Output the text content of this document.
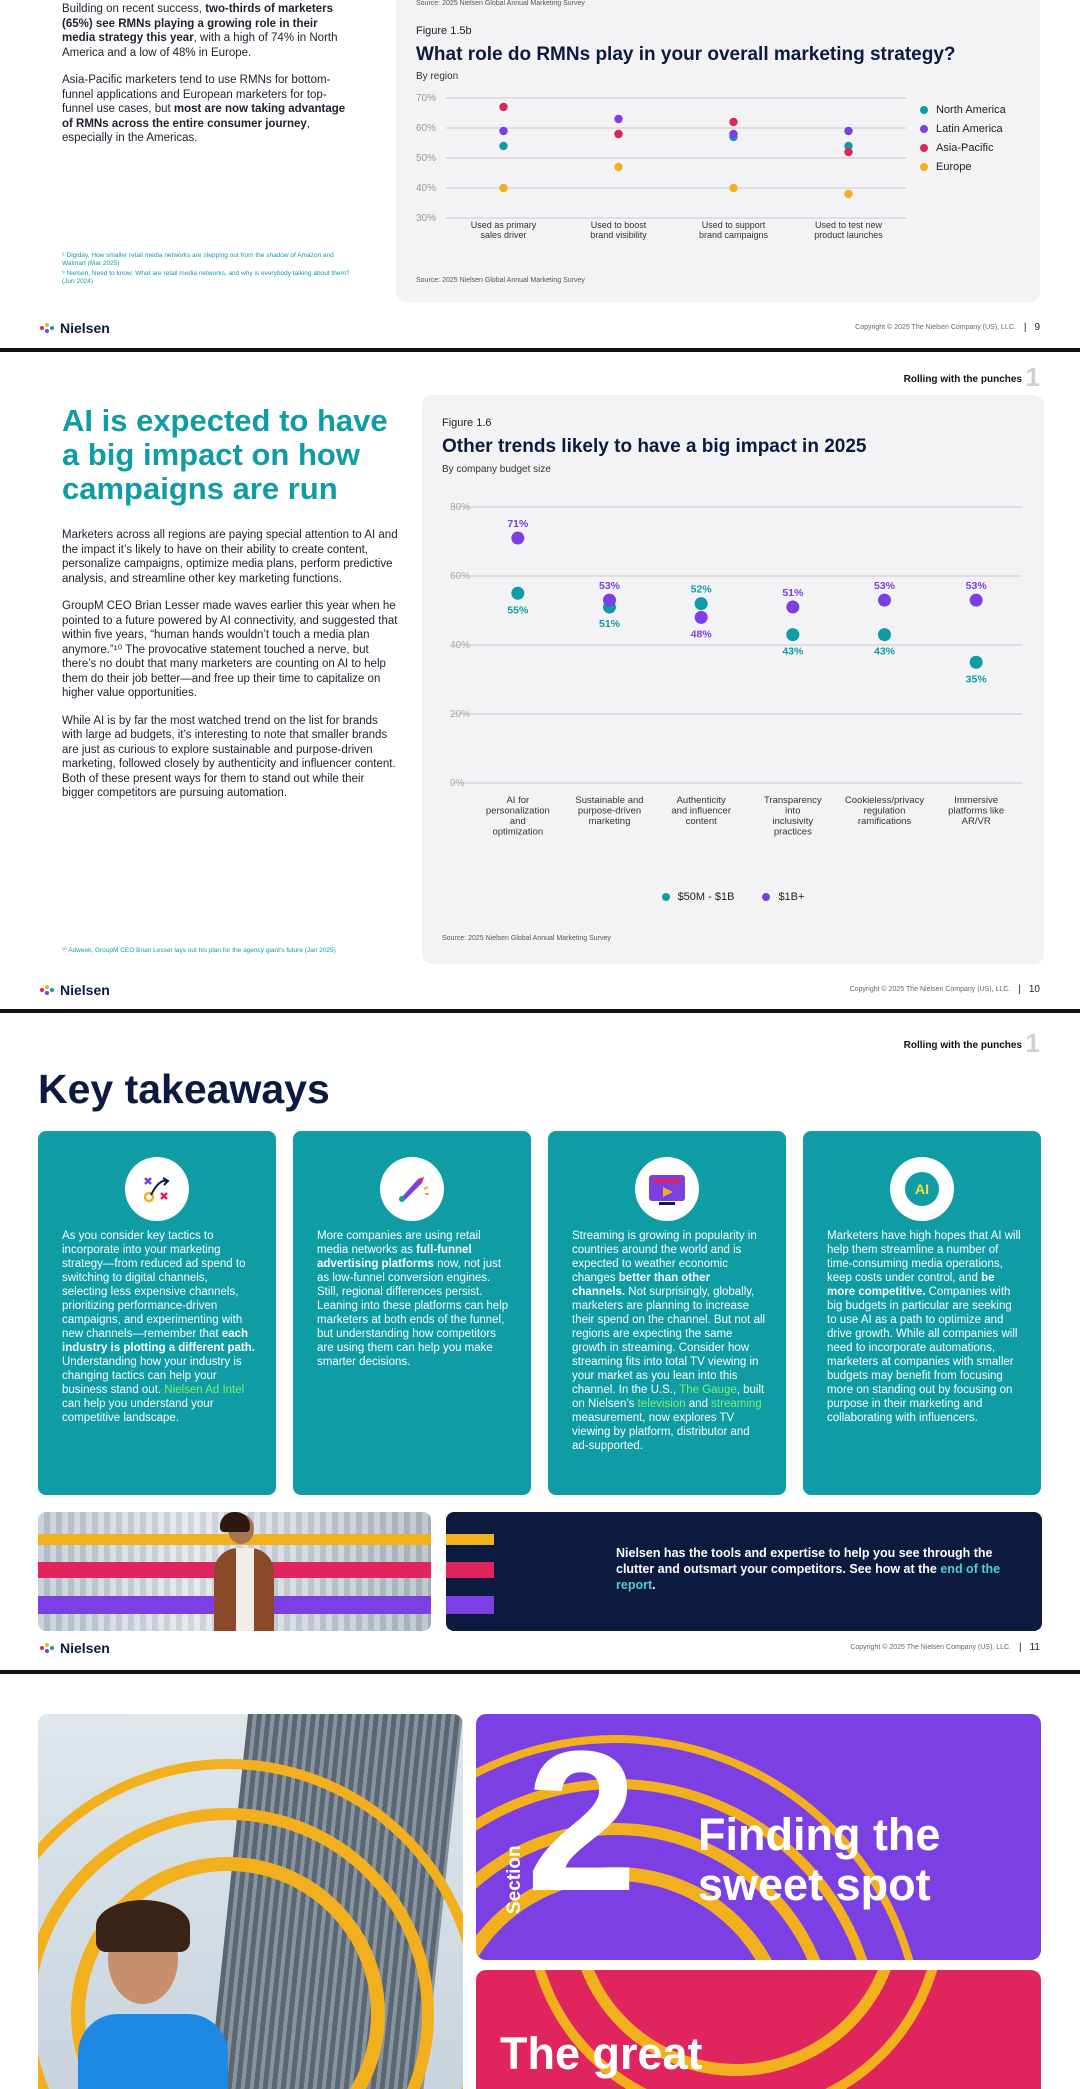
Building on recent success, two-thirds of marketers (65%) see RMNs playing a growing role in their media strategy this year, with a high of 74% in North America and a low of 48% in Europe.

Asia-Pacific marketers tend to use RMNs for bottom-funnel applications and European marketers for top-funnel use cases, but most are now taking advantage of RMNs across the entire consumer journey, especially in the Americas.

⁸ Digiday, How smaller retail media networks are stepping out from the shadow of Amazon and Walmart (Mar 2025)

⁹ Nielsen, Need to know: What are retail media networks, and why is everybody talking about them? (Jun 2024)

Source: 2025 Nielsen Global Annual Marketing Survey
Figure 1.5b
What role do RMNs play in your overall marketing strategy?
By region
30%
40%
50%
60%
70%
Used as primary sales driver
Used to boost brand visibility
Used to support brand campaigns
Used to test new product launches
North America
Latin America
Asia-Pacific
Europe
Source: 2025 Nielsen Global Annual Marketing Survey
Nielsen	Copyright © 2025 The Nielsen Company (US), LLC. | 9
Rolling with the punches 1
AI is expected to have
a big impact on how
campaigns are run

Marketers across all regions are paying special attention to AI and the impact it’s likely to have on their ability to create content, personalize campaigns, optimize media plans, perform predictive analysis, and streamline other key marketing functions.

GroupM CEO Brian Lesser made waves earlier this year when he pointed to a future powered by AI connectivity, and suggested that within five years, “human hands wouldn’t touch a media plan anymore.”¹⁰ The provocative statement touched a nerve, but there’s no doubt that many marketers are counting on AI to help them do their job better—and free up their time to capitalize on higher value opportunities.

While AI is by far the most watched trend on the list for brands with large ad budgets, it’s interesting to note that smaller brands are just as curious to explore sustainable and purpose-driven marketing, followed closely by authenticity and influencer content. Both of these present ways for them to stand out while their bigger competitors are pursuing automation.

¹⁰ Adweek, GroupM CEO Brian Lesser lays out his plan for the agency giant’s future (Jan 2025)
Figure 1.6
Other trends likely to have a big impact in 2025
By company budget size
0%
20%
40%
60%
80%
AI for personalization and optimization
55%
71%
Sustainable and purpose-driven marketing
51%
53%
Authenticity and influencer content
52%
48%
Transparency into inclusivity practices
43%
51%
Cookieless/privacy regulation ramifications
43%
53%
Immersive platforms like AR/VR
35%
53%
$50M - $1B	$1B+
Source: 2025 Nielsen Global Annual Marketing Survey
Nielsen	Copyright © 2025 The Nielsen Company (US), LLC. | 10
Rolling with the punches 1
Key takeaways

As you consider key tactics to incorporate into your marketing strategy—from reduced ad spend to switching to digital channels, selecting less expensive channels, prioritizing performance-driven campaigns, and experimenting with new channels—remember that each industry is plotting a different path. Understanding how your industry is changing tactics can help your business stand out. Nielsen Ad Intel can help you understand your competitive landscape.

More companies are using retail media networks as full-funnel advertising platforms now, not just as low-funnel conversion engines. Still, regional differences persist. Leaning into these platforms can help marketers at both ends of the funnel, but understanding how competitors are using them can help you make smarter decisions.

Streaming is growing in popularity in countries around the world and is expected to weather economic changes better than other channels. Not surprisingly, globally, marketers are planning to increase their spend on the channel. But not all regions are expecting the same growth in streaming. Consider how streaming fits into total TV viewing in your market as you lean into this channel. In the U.S., The Gauge, built on Nielsen’s television and streaming measurement, now explores TV viewing by platform, distributor and ad-supported.

AI

Marketers have high hopes that AI will help them streamline a number of time-consuming media operations, keep costs under control, and be more competitive. Companies with big budgets in particular are seeking to use AI as a path to optimize and drive growth. While all companies will need to incorporate automations, marketers at companies with smaller budgets may benefit from focusing more on standing out by focusing on purpose in their marketing and collaborating with influencers.

Nielsen has the tools and expertise to help you see through the clutter and outsmart your competitors. See how at the end of the report.

Nielsen	Copyright © 2025 The Nielsen Company (US), LLC. | 11
Section 2 Finding the
sweet spot
The great
